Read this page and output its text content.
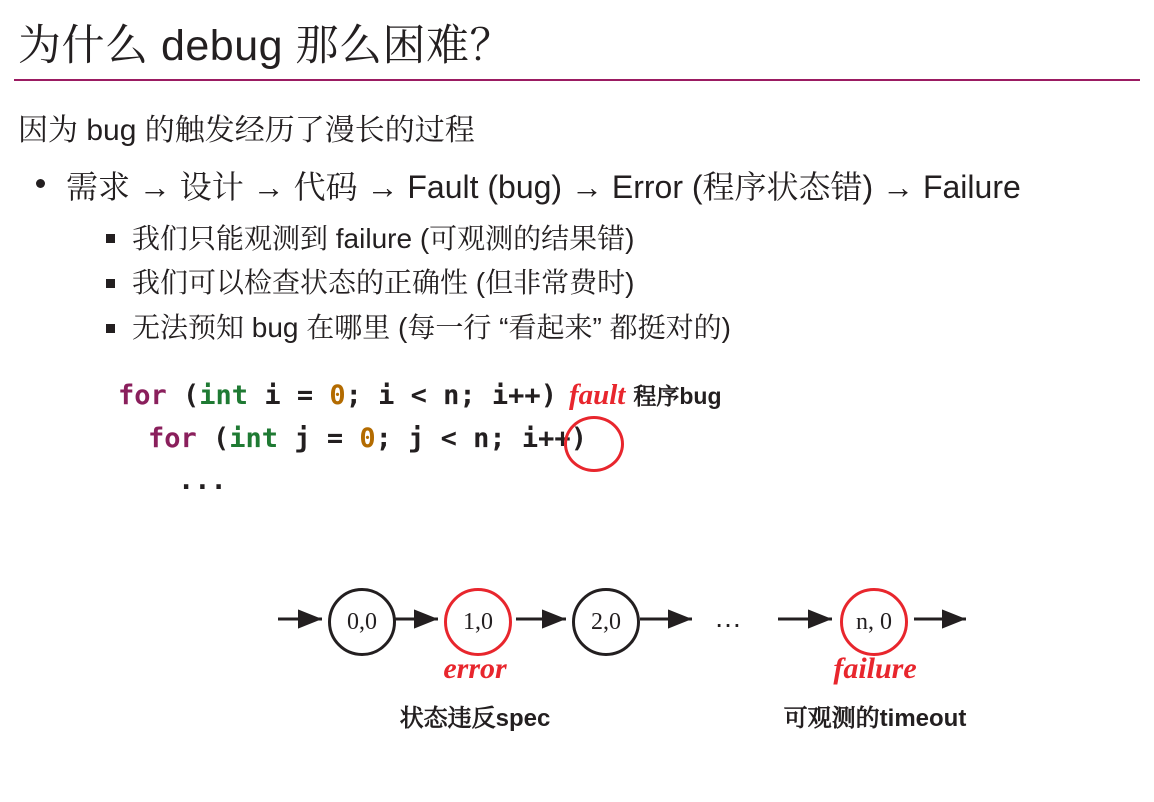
为什么 debug 那么困难？
因为 bug 的触发经历了漫长的过程
需求 → 设计 → 代码 → Fault (bug) → Error (程序状态错) → Failure
我们只能观测到 failure (可观测的结果错)
我们可以检查状态的正确性 (但非常费时)
无法预知 bug 在哪里 (每一行 “看起来” 都挺对的)
for (int i = 0; i < n; i++) fault 程序bug
for (int j = 0; j < n; i++)
...
0,0	1,0	2,0	n, 0
…
error
状态违反spec
failure
可观测的timeout
